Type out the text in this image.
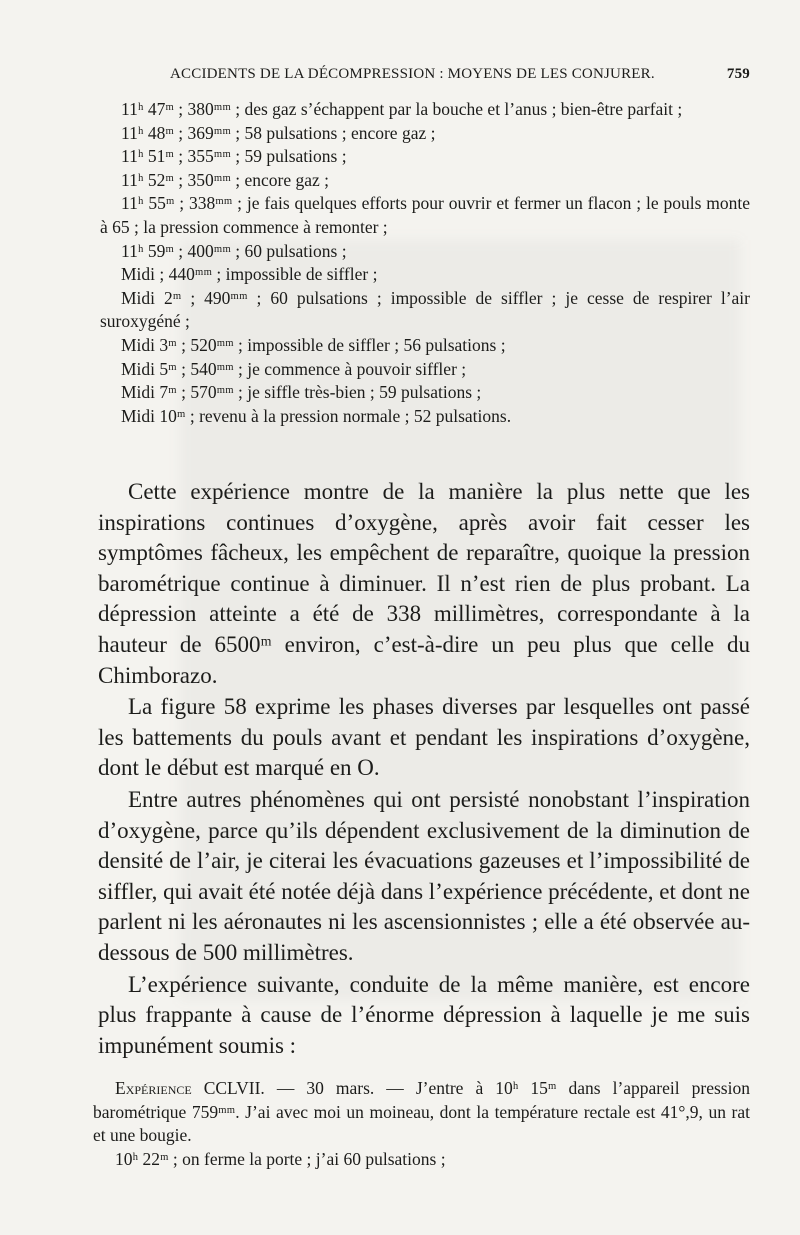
ACCIDENTS DE LA DÉCOMPRESSION : MOYENS DE LES CONJURER.	759
11ʰ 47ᵐ ; 380ᵐᵐ ; des gaz s’échappent par la bouche et l’anus ; bien-être parfait ;
11ʰ 48ᵐ ; 369ᵐᵐ ; 58 pulsations ; encore gaz ;
11ʰ 51ᵐ ; 355ᵐᵐ ; 59 pulsations ;
11ʰ 52ᵐ ; 350ᵐᵐ ; encore gaz ;
11ʰ 55ᵐ ; 338ᵐᵐ ; je fais quelques efforts pour ouvrir et fermer un flacon ; le pouls monte à 65 ; la pression commence à remonter ;
11ʰ 59ᵐ ; 400ᵐᵐ ; 60 pulsations ;
Midi ; 440ᵐᵐ ; impossible de siffler ;
Midi 2ᵐ ; 490ᵐᵐ ; 60 pulsations ; impossible de siffler ; je cesse de respirer l’air suroxygéné ;
Midi 3ᵐ ; 520ᵐᵐ ; impossible de siffler ; 56 pulsations ;
Midi 5ᵐ ; 540ᵐᵐ ; je commence à pouvoir siffler ;
Midi 7ᵐ ; 570ᵐᵐ ; je siffle très-bien ; 59 pulsations ;
Midi 10ᵐ ; revenu à la pression normale ; 52 pulsations.

Cette expérience montre de la manière la plus nette que les inspirations continues d’oxygène, après avoir fait cesser les symptômes fâcheux, les empêchent de reparaître, quoique la pression barométrique continue à diminuer. Il n’est rien de plus probant. La dépression atteinte a été de 338 millimètres, correspondante à la hauteur de 6500ᵐ environ, c’est-à-dire un peu plus que celle du Chimborazo.

La figure 58 exprime les phases diverses par lesquelles ont passé les battements du pouls avant et pendant les inspirations d’oxygène, dont le début est marqué en O.

Entre autres phénomènes qui ont persisté nonobstant l’inspiration d’oxygène, parce qu’ils dépendent exclusivement de la diminution de densité de l’air, je citerai les évacuations gazeuses et l’impossibilité de siffler, qui avait été notée déjà dans l’expérience précédente, et dont ne parlent ni les aéronautes ni les ascensionnistes ; elle a été observée au-dessous de 500 millimètres.

L’expérience suivante, conduite de la même manière, est encore plus frappante à cause de l’énorme dépression à laquelle je me suis impunément soumis :

Expérience CCLVII. — 30 mars. — J’entre à 10ʰ 15ᵐ dans l’appareil pression barométrique 759ᵐᵐ. J’ai avec moi un moineau, dont la température rectale est 41°,9, un rat et une bougie.

10ʰ 22ᵐ ; on ferme la porte ; j’ai 60 pulsations ;
